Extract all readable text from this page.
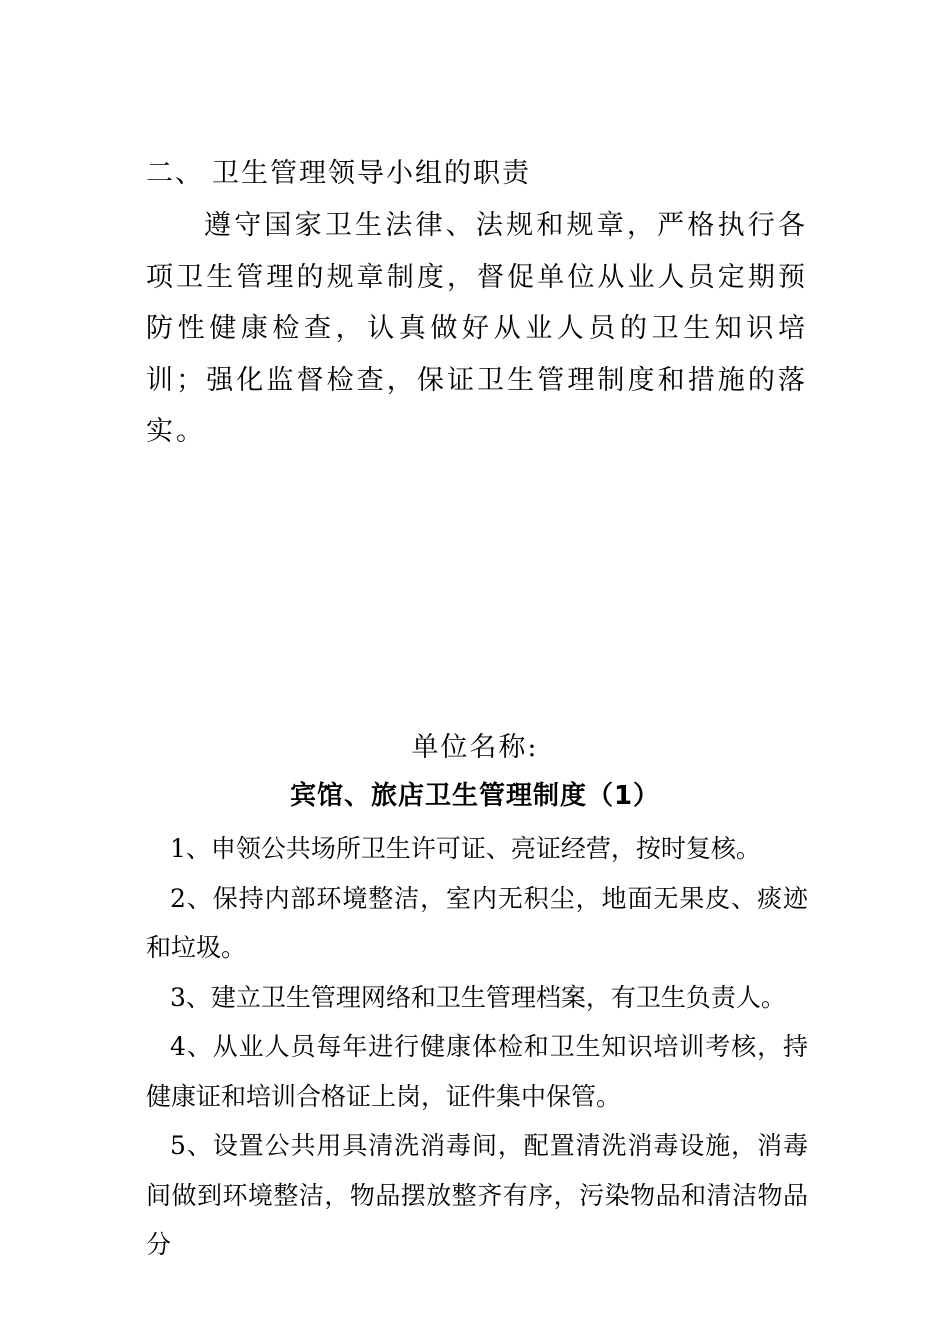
二、 卫生管理领导小组的职责

遵守国家卫生法律、法规和规章，严格执行各项卫生管理的规章制度，督促单位从业人员定期预防性健康检查，认真做好从业人员的卫生知识培训；强化监督检查，保证卫生管理制度和措施的落实。

单位名称:
宾馆、旅店卫生管理制度（1）
1、申领公共场所卫生许可证、亮证经营，按时复核。
2、保持内部环境整洁，室内无积尘，地面无果皮、痰迹和垃圾。
3、建立卫生管理网络和卫生管理档案，有卫生负责人。
4、从业人员每年进行健康体检和卫生知识培训考核，持健康证和培训合格证上岗，证件集中保管。
5、设置公共用具清洗消毒间，配置清洗消毒设施，消毒间做到环境整洁，物品摆放整齐有序，污染物品和清洁物品分
